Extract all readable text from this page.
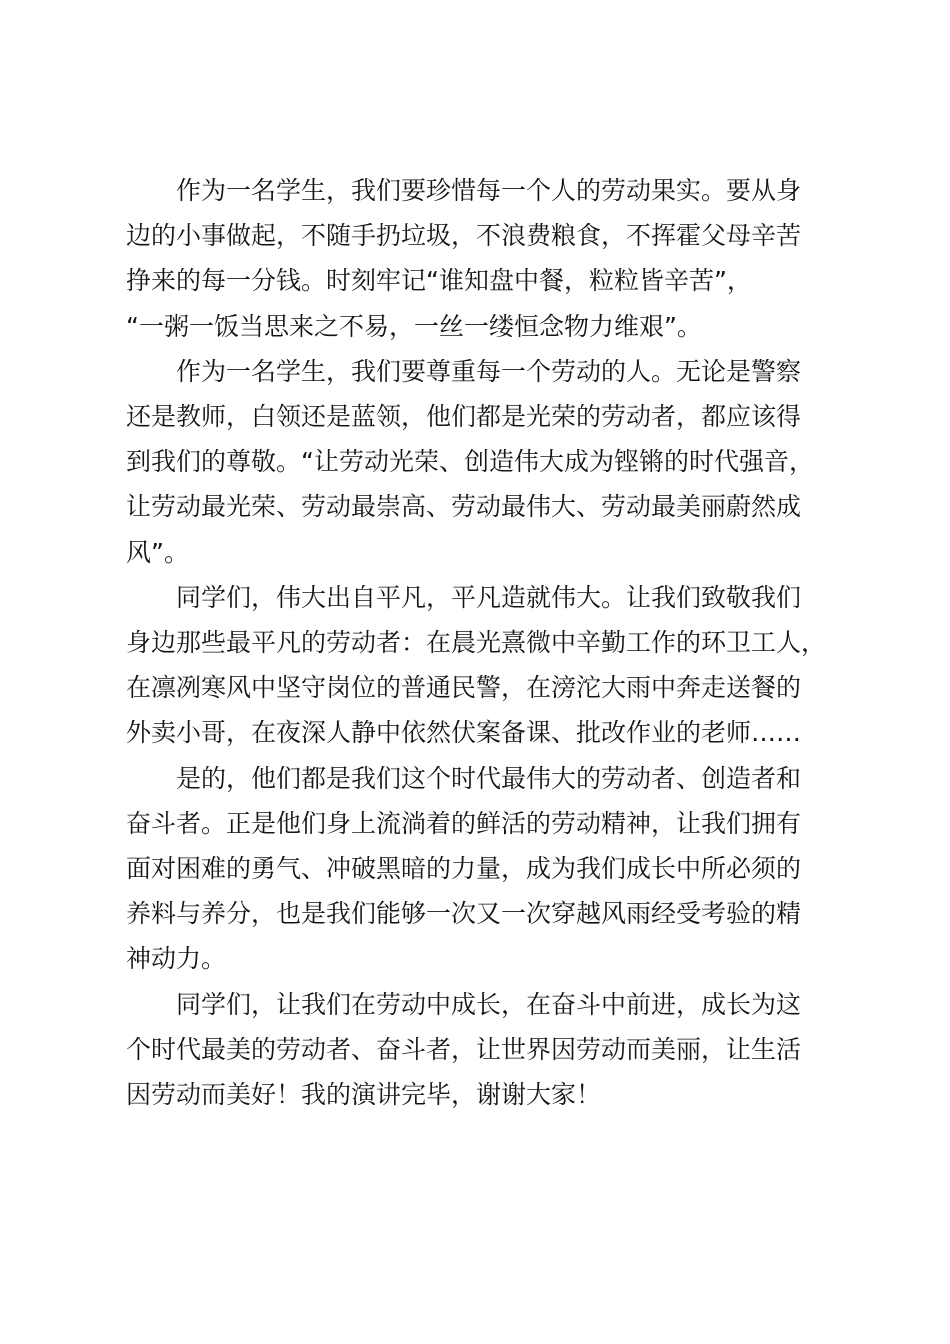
作为一名学生，我们要珍惜每一个人的劳动果实。要从身
边的小事做起，不随手扔垃圾，不浪费粮食，不挥霍父母辛苦
挣来的每一分钱。时刻牢记“谁知盘中餐，粒粒皆辛苦”，
“一粥一饭当思来之不易，一丝一缕恒念物力维艰”。

作为一名学生，我们要尊重每一个劳动的人。无论是警察
还是教师，白领还是蓝领，他们都是光荣的劳动者，都应该得
到我们的尊敬。“让劳动光荣、创造伟大成为铿锵的时代强音，
让劳动最光荣、劳动最崇高、劳动最伟大、劳动最美丽蔚然成
风”。

同学们，伟大出自平凡，平凡造就伟大。让我们致敬我们
身边那些最平凡的劳动者：在晨光熹微中辛勤工作的环卫工人，
在凛冽寒风中坚守岗位的普通民警，在滂沱大雨中奔走送餐的
外卖小哥，在夜深人静中依然伏案备课、批改作业的老师……

是的，他们都是我们这个时代最伟大的劳动者、创造者和
奋斗者。正是他们身上流淌着的鲜活的劳动精神，让我们拥有
面对困难的勇气、冲破黑暗的力量，成为我们成长中所必须的
养料与养分，也是我们能够一次又一次穿越风雨经受考验的精
神动力。

同学们，让我们在劳动中成长，在奋斗中前进，成长为这
个时代最美的劳动者、奋斗者，让世界因劳动而美丽，让生活
因劳动而美好！我的演讲完毕，谢谢大家！
